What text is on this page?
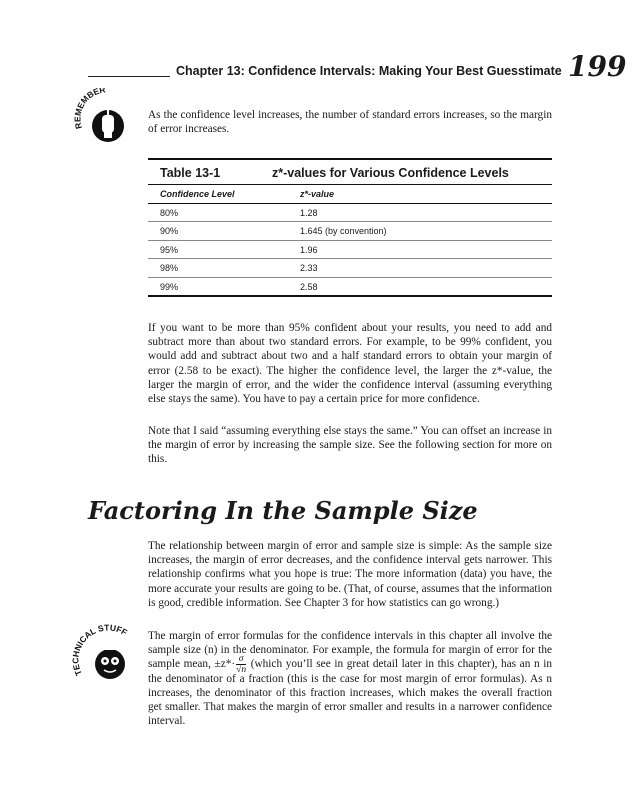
Chapter 13: Confidence Intervals: Making Your Best Guesstimate 199
EMBER
As the confidence level increases, the number of standard errors increases, so the margin of error increases.
Table 13-1	z*-values for Various Confidence Levels
Confidence Level	z*-value
80%	1.28
90%	1.645 (by convention)
95%	1.96
98%	2.33
99%	2.58
If you want to be more than 95% confident about your results, you need to add and subtract more than about two standard errors. For example, to be 99% confident, you would add and subtract about two and a half standard errors to obtain your margin of error (2.58 to be exact). The higher the confidence level, the larger the z*-value, the larger the margin of error, and the wider the confidence interval (assuming everything else stays the same). You have to pay a certain price for more confidence.
Note that I said “assuming everything else stays the same.” You can offset an increase in the margin of error by increasing the sample size. See the following section for more on this.
Factoring In the Sample Size
The relationship between margin of error and sample size is simple: As the sample size increases, the margin of error decreases, and the confidence interval gets narrower. This relationship confirms what you hope is true: The more information (data) you have, the more accurate your results are going to be. (That, of course, assumes that the information is good, credible information. See Chapter 3 for how statistics can go wrong.)
T NICAL STUFF The margin of error formulas for the confidence intervals in this chapter all involve the sample size (n) in the denominator. For example, the formula for margin of error for the sample mean, $\pm z*\cdot \frac{\sigma}{√n}$ (which you’ll see in great detail later in this chapter), has an n in the denominator of a fraction (this is the case for most margin of error formulas). As n increases, the denominator of this fraction increases, which makes the overall fraction get smaller. That makes the margin of error smaller and results in a narrower confidence interval.
